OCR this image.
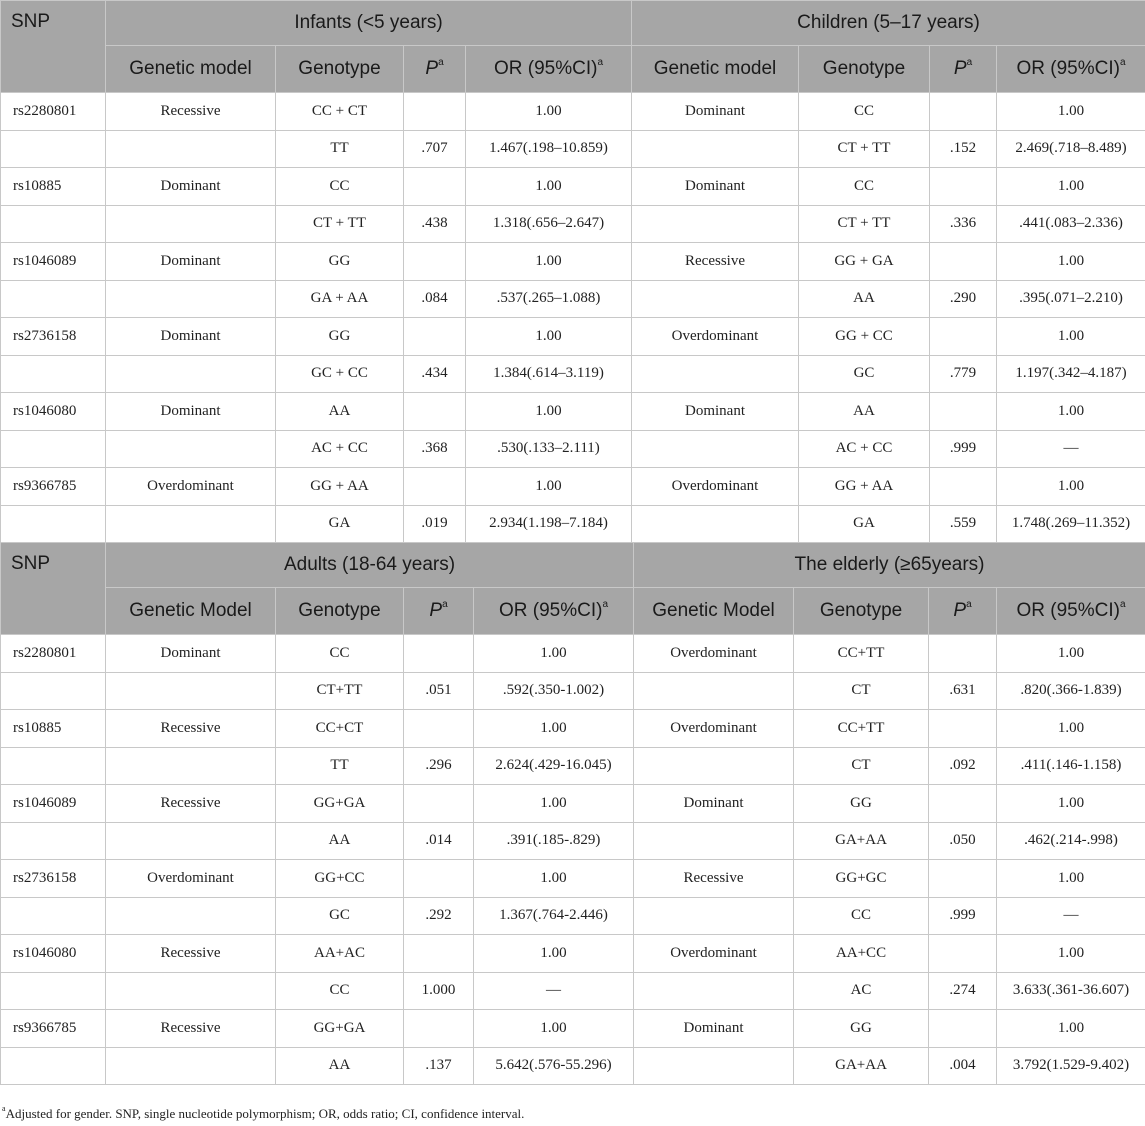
SNP	Infants (<5 years)				Children (5–17 years)			
	Genetic model	Genotype	$P^a$	OR $(95\%CI)^a$	Genetic model	Genotype	$P^a$	OR $(95\%CI)^a$
rs2280801	Recessive	CC + CT		1.00	Dominant	CC		1.00
		TT	.707	1.467(.198–10.859)		CT + TT	.152	2.469(.718–8.489)
rs10885	Dominant	CC		1.00	Dominant	CC		1.00
		CT + TT	.438	1.318(.656–2.647)		CT + TT	.336	.441(.083–2.336)
rs1046089	Dominant	GG		1.00	Recessive	GG + GA		1.00
		GA + AA	.084	.537(.265–1.088)		AA	.290	.395(.071–2.210)
rs2736158	Dominant	GG		1.00	Overdominant	GG + CC		1.00
		GC + CC	.434	1.384(.614–3.119)		GC	.779	1.197(.342–4.187)
rs1046080	Dominant	AA		1.00	Dominant	AA		1.00
		AC + CC	.368	.530(.133–2.111)		AC + CC	.999	—
rs9366785	Overdominant	GG + AA		1.00	Overdominant	GG + AA		1.00
		GA	.019	2.934(1.198–7.184)		GA	.559	1.748(.269–11.352)
SNP	Adults (18-64 years)				The elderly (≥65years)			
	Genetic Model	Genotype	$P^a$	OR $(95\%CI)^a$	Genetic Model	Genotype	$P^a$	OR $(95\%CI)^a$
rs2280801	Dominant	CC		1.00	Overdominant	CC+TT		1.00
		CT+TT	.051	.592(.350-1.002)		CT	.631	.820(.366-1.839)
rs10885	Recessive	CC+CT		1.00	Overdominant	CC+TT		1.00
		TT	.296	2.624(.429-16.045)		CT	.092	.411(.146-1.158)
rs1046089	Recessive	GG+GA		1.00	Dominant	GG		1.00
		AA	.014	.391(.185-.829)		GA+AA	.050	.462(.214-.998)
rs2736158	Overdominant	GG+CC		1.00	Recessive	GG+GC		1.00
		GC	.292	1.367(.764-2.446)		CC	.999	—
rs1046080	Recessive	AA+AC		1.00	Overdominant	AA+CC		1.00
		CC	1.000	—		AC	.274	3.633(.361-36.607)
rs9366785	Recessive	GG+GA		1.00	Dominant	GG		1.00
		AA	.137	5.642(.576-55.296)		GA+AA	.004	3.792(1.529-9.402)
$^a$Adjusted for gender. SNP, single nucleotide polymorphism; OR, odds ratio; CI, confidence interval.
